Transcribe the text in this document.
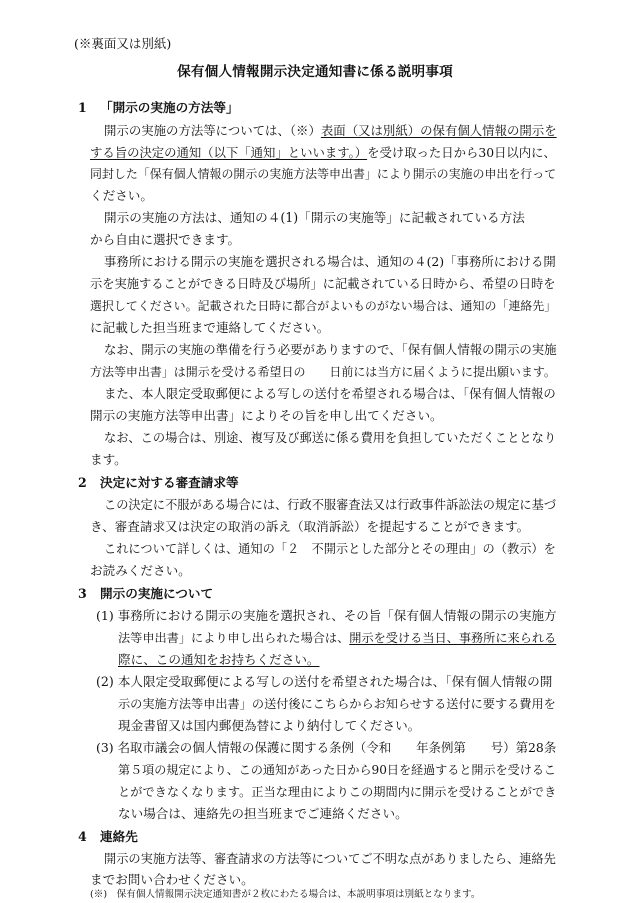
(※裏面又は別紙)

保有個人情報開示決定通知書に係る説明事項
1 「開示の実施の方法等」

開示の実施の方法等については、（※）表面（又は別紙）の保有個人情報の開示を

する旨の決定の通知（以下「通知」といいます。）を受け取った日から30日以内に、

同封した「保有個人情報の開示の実施方法等申出書」により開示の実施の申出を行って

ください。

開示の実施の方法は、通知の４(1)「開示の実施等」に記載されている方法

から自由に選択できます。

事務所における開示の実施を選択される場合は、通知の４(2)「事務所における開

示を実施することができる日時及び場所」に記載されている日時から、希望の日時を

選択してください。記載された日時に都合がよいものがない場合は、通知の「連絡先」

に記載した担当班まで連絡してください。

なお、開示の実施の準備を行う必要がありますので、「保有個人情報の開示の実施

方法等申出書」は開示を受ける希望日の　　日前には当方に届くように提出願います。

また、本人限定受取郵便による写しの送付を希望される場合は、「保有個人情報の

開示の実施方法等申出書」によりその旨を申し出てください。

なお、この場合は、別途、複写及び郵送に係る費用を負担していただくこととなり

ます。

2 決定に対する審査請求等

この決定に不服がある場合には、行政不服審査法又は行政事件訴訟法の規定に基づ

き、審査請求又は決定の取消の訴え（取消訴訟）を提起することができます。

これについて詳しくは、通知の「２　不開示とした部分とその理由」の（教示）を

お読みください。

3 開示の実施について

(1) 事務所における開示の実施を選択され、その旨「保有個人情報の開示の実施方

法等申出書」により申し出られた場合は、開示を受ける当日、事務所に来られる

際に、この通知をお持ちください。

(2) 本人限定受取郵便による写しの送付を希望された場合は、「保有個人情報の開

示の実施方法等申出書」の送付後にこちらからお知らせする送付に要する費用を

現金書留又は国内郵便為替により納付してください。

(3) 名取市議会の個人情報の保護に関する条例（令和　　年条例第　　号）第28条

第５項の規定により、この通知があった日から90日を経過すると開示を受けるこ

とができなくなります。正当な理由によりこの期間内に開示を受けることができ

ない場合は、連絡先の担当班までご連絡ください。

4 連絡先

開示の実施方法等、審査請求の方法等についてご不明な点がありましたら、連絡先

までお問い合わせください。

(※)　保有個人情報開示決定通知書が２枚にわたる場合は、本説明事項は別紙となります。
